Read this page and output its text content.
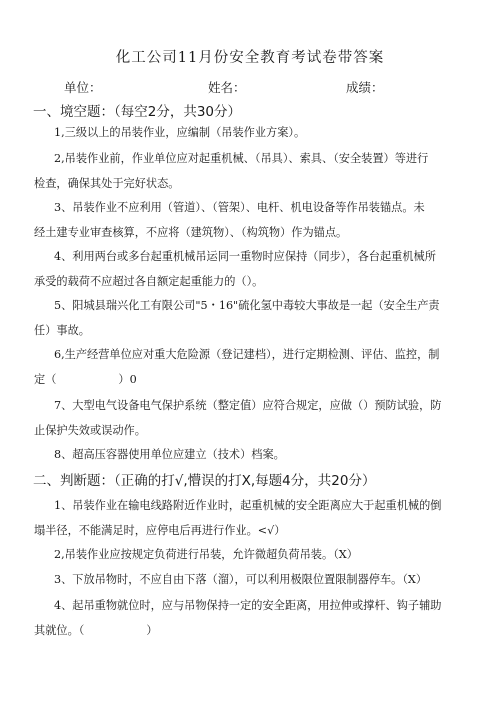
化工公司11月份安全教育考试卷带答案
单位：	姓名：	成绩：
一、境空题：（每空2分，共30分）
1,三级以上的吊装作业，应编制（吊装作业方案）。
2,吊装作业前，作业单位应对起重机械、（吊具）、索具、（安全装置）等进行
检查，确保其处于完好状态。
3、吊装作业不应利用（管道）、（管架）、电杆、机电设备等作吊装锚点。未
经土建专业审查核算，不应将（建筑物）、（构筑物）作为锚点。
4、利用两台或多台起重机械吊运同一重物时应保持（同步），各台起重机械所
承受的载荷不应超过各自额定起重能力的（）。
5、阳城县瑞兴化工有限公司"5・16"硫化氢中毒较大事故是一起（安全生产责
任）事故。
6,生产经营单位应对重大危险源（登记建档），进行定期检测、评估、监控，制
定（	）0
7、大型电气设备电气保护系统（整定值）应符合规定，应做（）预防试验，防
止保护失效或误动作。
8、超高压容器使用单位应建立（技术）档案。
二、判断题：（正确的打√,懵误的打X,每题4分，共20分）
1、吊装作业在输电线路附近作业时，起重机械的安全距离应大于起重机械的倒
塌半径，不能满足时，应停电后再进行作业。<√）
2,吊装作业应按规定负荷进行吊装，允许微超负荷吊装。（X）
3、下放吊物时，不应自由下落（溜），可以利用极限位置限制器停车。（X）
4、起吊重物就位时，应与吊物保持一定的安全距离，用拉伸或撑杆、钩子辅助
其就位。（	）
